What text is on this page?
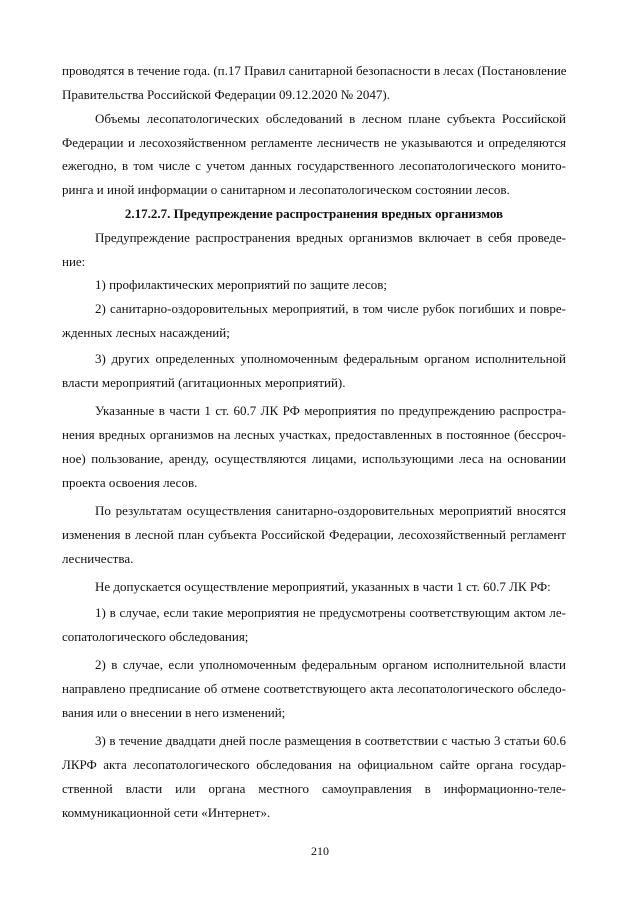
проводятся в течение года. (п.17 Правил санитарной безопасности в лесах (Постановление
Правительства Российской Федерации 09.12.2020 № 2047).
Объемы лесопатологических обследований в лесном плане субъекта Российской
Федерации и лесохозяйственном регламенте лесничеств не указываются и определяются
ежегодно, в том числе с учетом данных государственного лесопатологического монито-
ринга и иной информации о санитарном и лесопатологическом состоянии лесов.
2.17.2.7. Предупреждение распространения вредных организмов
Предупреждение распространения вредных организмов включает в себя проведе-
ние:
1) профилактических мероприятий по защите лесов;
2) санитарно-оздоровительных мероприятий, в том числе рубок погибших и повре-
жденных лесных насаждений;
3) других определенных уполномоченным федеральным органом исполнительной
власти мероприятий (агитационных мероприятий).
Указанные в части 1 ст. 60.7 ЛК РФ мероприятия по предупреждению распростра-
нения вредных организмов на лесных участках, предоставленных в постоянное (бессроч-
ное) пользование, аренду, осуществляются лицами, использующими леса на основании
проекта освоения лесов.
По результатам осуществления санитарно-оздоровительных мероприятий вносятся
изменения в лесной план субъекта Российской Федерации, лесохозяйственный регламент
лесничества.
Не допускается осуществление мероприятий, указанных в части 1 ст. 60.7 ЛК РФ:
1) в случае, если такие мероприятия не предусмотрены соответствующим актом ле-
сопатологического обследования;
2) в случае, если уполномоченным федеральным органом исполнительной власти
направлено предписание об отмене соответствующего акта лесопатологического обследо-
вания или о внесении в него изменений;
3) в течение двадцати дней после размещения в соответствии с частью 3 статьи 60.6
ЛКРФ акта лесопатологического обследования на официальном сайте органа государ-
ственной власти или органа местного самоуправления в информационно-теле-
коммуникационной сети «Интернет».
210
